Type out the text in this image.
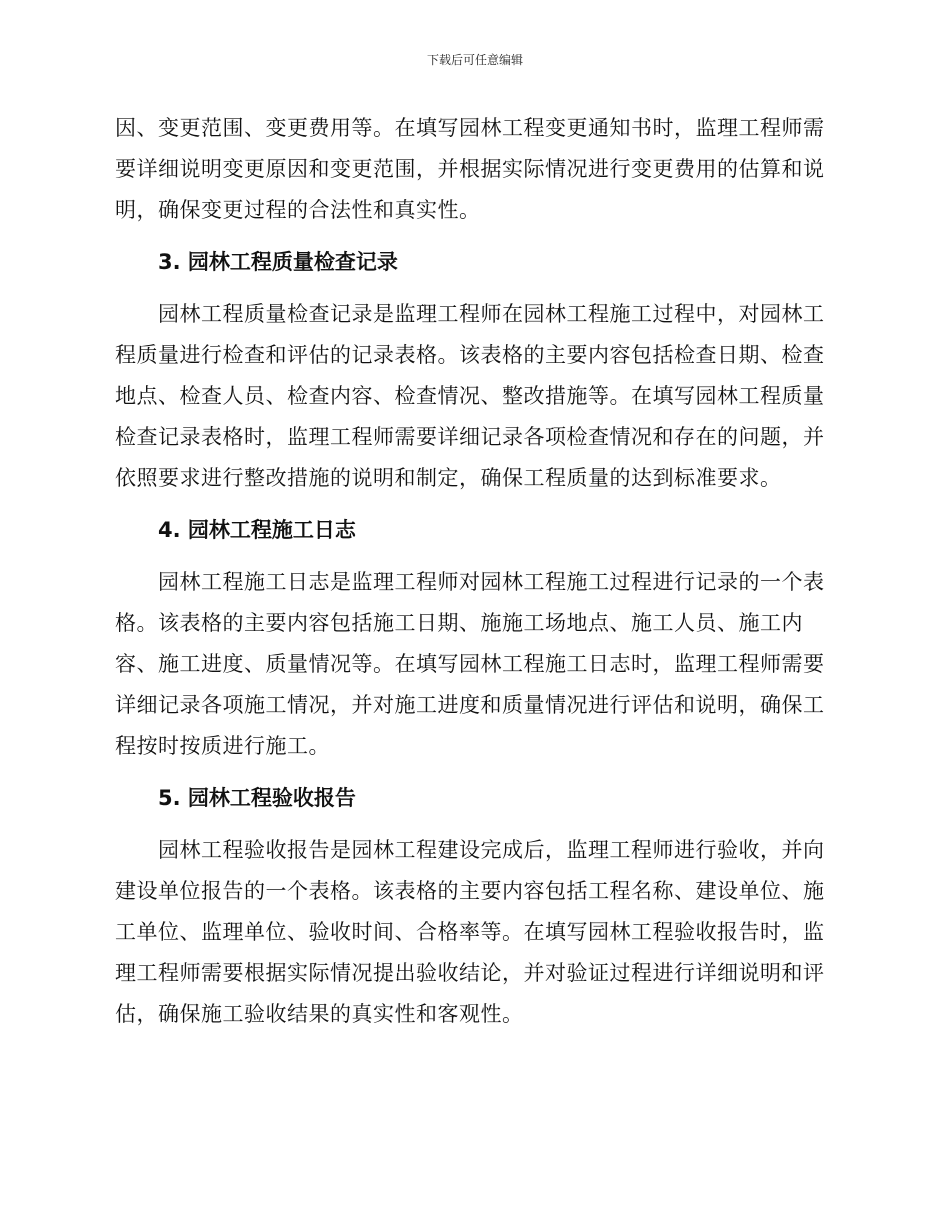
下载后可任意编辑

因、变更范围、变更费用等。在填写园林工程变更通知书时，监理工程师需要详细说明变更原因和变更范围，并根据实际情况进行变更费用的估算和说明，确保变更过程的合法性和真实性。

3. 园林工程质量检查记录

园林工程质量检查记录是监理工程师在园林工程施工过程中，对园林工程质量进行检查和评估的记录表格。该表格的主要内容包括检查日期、检查地点、检查人员、检查内容、检查情况、整改措施等。在填写园林工程质量检查记录表格时，监理工程师需要详细记录各项检查情况和存在的问题，并依照要求进行整改措施的说明和制定，确保工程质量的达到标准要求。

4. 园林工程施工日志

园林工程施工日志是监理工程师对园林工程施工过程进行记录的一个表格。该表格的主要内容包括施工日期、施施工场地点、施工人员、施工内容、施工进度、质量情况等。在填写园林工程施工日志时，监理工程师需要详细记录各项施工情况，并对施工进度和质量情况进行评估和说明，确保工程按时按质进行施工。

5. 园林工程验收报告

园林工程验收报告是园林工程建设完成后，监理工程师进行验收，并向建设单位报告的一个表格。该表格的主要内容包括工程名称、建设单位、施工单位、监理单位、验收时间、合格率等。在填写园林工程验收报告时，监理工程师需要根据实际情况提出验收结论，并对验证过程进行详细说明和评估，确保施工验收结果的真实性和客观性。
